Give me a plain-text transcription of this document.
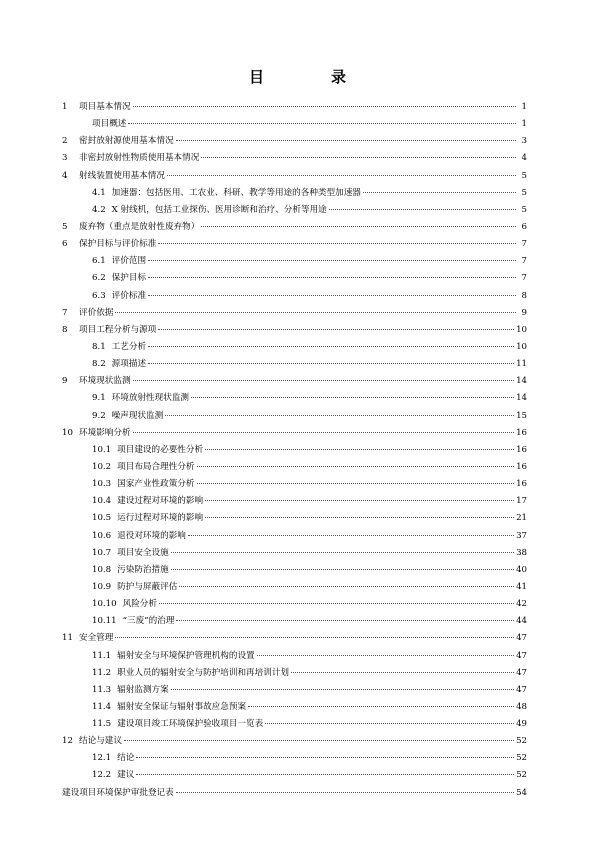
目　录
1	项目基本情况	1
项目概述	1
2	密封放射源使用基本情况	3
3	非密封放射性物质使用基本情况	4
4	射线装置使用基本情况	5
4.1 加速器：包括医用、工农业、科研、教学等用途的各种类型加速器	5
4.2 X 射线机，包括工业探伤、医用诊断和治疗、分析等用途	5
5	废弃物（重点是放射性废弃物）	6
6	保护目标与评价标准	7
6.1 评价范围	7
6.2 保护目标	7
6.3 评价标准	8
7	评价依据	9
8	项目工程分析与源项	10
8.1 工艺分析	10
8.2 源项描述	11
9	环境现状监测	14
9.1 环境放射性现状监测	14
9.2 噪声现状监测	15
10 环境影响分析	16
10.1 项目建设的必要性分析	16
10.2 项目布局合理性分析	16
10.3 国家产业性政策分析	16
10.4 建设过程对环境的影响	17
10.5 运行过程对环境的影响	21
10.6 退役对环境的影响	37
10.7 项目安全设施	38
10.8 污染防治措施	40
10.9 防护与屏蔽评估	41
10.10 风险分析	42
10.11 “三废”的治理	44
11 安全管理	47
11.1 辐射安全与环境保护管理机构的设置	47
11.2 职业人员的辐射安全与防护培训和再培训计划	47
11.3 辐射监测方案	47
11.4 辐射安全保证与辐射事故应急预案	48
11.5 建设项目竣工环境保护验收项目一览表	49
12 结论与建议	52
12.1 结论	52
12.2 建议	52
建设项目环境保护审批登记表	54
